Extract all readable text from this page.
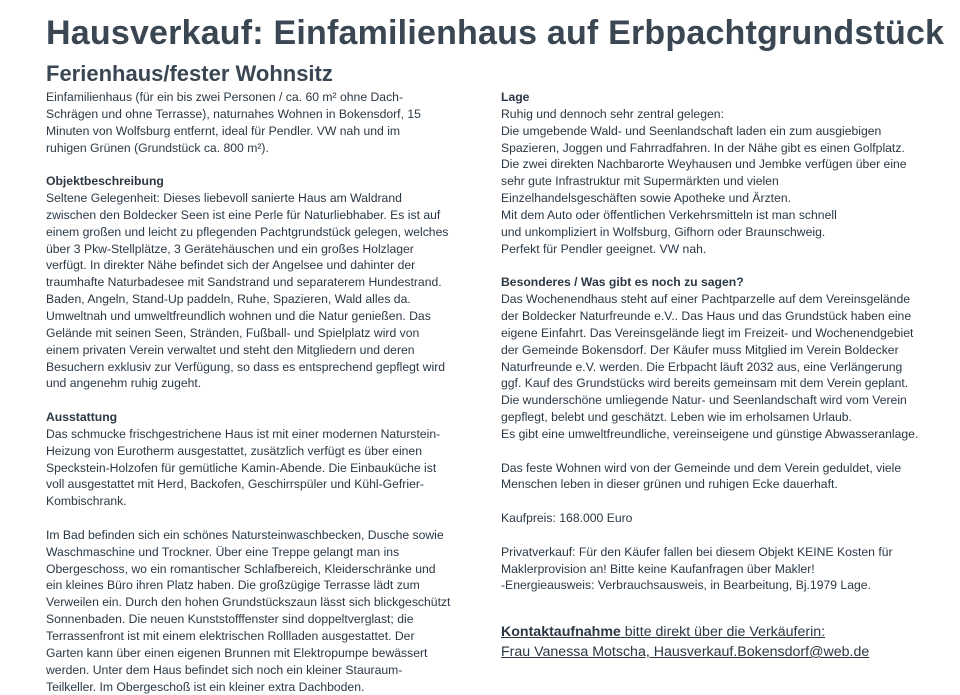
Hausverkauf: Einfamilienhaus auf Erbpachtgrundstück
Ferienhaus/fester Wohnsitz
Einfamilienhaus (für ein bis zwei Personen / ca. 60 m² ohne Dach-
Schrägen und ohne Terrasse), naturnahes Wohnen in Bokensdorf, 15
Minuten von Wolfsburg entfernt, ideal für Pendler. VW nah und im
ruhigen Grünen (Grundstück ca. 800 m²).
Objektbeschreibung
Seltene Gelegenheit: Dieses liebevoll sanierte Haus am Waldrand
zwischen den Boldecker Seen ist eine Perle für Naturliebhaber. Es ist auf
einem großen und leicht zu pflegenden Pachtgrundstück gelegen, welches
über 3 Pkw-Stellplätze, 3 Gerätehäuschen und ein großes Holzlager
verfügt. In direkter Nähe befindet sich der Angelsee und dahinter der
traumhafte Naturbadesee mit Sandstrand und separaterem Hundestrand.
Baden, Angeln, Stand-Up paddeln, Ruhe, Spazieren, Wald alles da.
Umweltnah und umweltfreundlich wohnen und die Natur genießen. Das
Gelände mit seinen Seen, Stränden, Fußball- und Spielplatz wird von
einem privaten Verein verwaltet und steht den Mitgliedern und deren
Besuchern exklusiv zur Verfügung, so dass es entsprechend gepflegt wird
und angenehm ruhig zugeht.
Ausstattung
Das schmucke frischgestrichene Haus ist mit einer modernen Naturstein-
Heizung von Eurotherm ausgestattet, zusätzlich verfügt es über einen
Speckstein-Holzofen für gemütliche Kamin-Abende. Die Einbauküche ist
voll ausgestattet mit Herd, Backofen, Geschirrspüler und Kühl-Gefrier-
Kombischrank.
Im Bad befinden sich ein schönes Natursteinwaschbecken, Dusche sowie
Waschmaschine und Trockner. Über eine Treppe gelangt man ins
Obergeschoss, wo ein romantischer Schlafbereich, Kleiderschränke und
ein kleines Büro ihren Platz haben. Die großzügige Terrasse lädt zum
Verweilen ein. Durch den hohen Grundstückszaun lässt sich blickgeschützt
Sonnenbaden. Die neuen Kunststofffenster sind doppeltverglast; die
Terrassenfront ist mit einem elektrischen Rollladen ausgestattet. Der
Garten kann über einen eigenen Brunnen mit Elektropumpe bewässert
werden. Unter dem Haus befindet sich noch ein kleiner Stauraum-
Teilkeller. Im Obergeschoß ist ein kleiner extra Dachboden.
Lage
Ruhig und dennoch sehr zentral gelegen:
Die umgebende Wald- und Seenlandschaft laden ein zum ausgiebigen
Spazieren, Joggen und Fahrradfahren. In der Nähe gibt es einen Golfplatz.
Die zwei direkten Nachbarorte Weyhausen und Jembke verfügen über eine
sehr gute Infrastruktur mit Supermärkten und vielen
Einzelhandelsgeschäften sowie Apotheke und Ärzten.
Mit dem Auto oder öffentlichen Verkehrsmitteln ist man schnell
und unkompliziert in Wolfsburg, Gifhorn oder Braunschweig.
Perfekt für Pendler geeignet. VW nah.
Besonderes / Was gibt es noch zu sagen?
Das Wochenendhaus steht auf einer Pachtparzelle auf dem Vereinsgelände
der Boldecker Naturfreunde e.V.. Das Haus und das Grundstück haben eine
eigene Einfahrt. Das Vereinsgelände liegt im Freizeit- und Wochenendgebiet
der Gemeinde Bokensdorf. Der Käufer muss Mitglied im Verein Boldecker
Naturfreunde e.V. werden. Die Erbpacht läuft 2032 aus, eine Verlängerung
ggf. Kauf des Grundstücks wird bereits gemeinsam mit dem Verein geplant.
Die wunderschöne umliegende Natur- und Seenlandschaft wird vom Verein
gepflegt, belebt und geschätzt. Leben wie im erholsamen Urlaub.
Es gibt eine umweltfreundliche, vereinseigene und günstige Abwasseranlage.
Das feste Wohnen wird von der Gemeinde und dem Verein geduldet, viele
Menschen leben in dieser grünen und ruhigen Ecke dauerhaft.
Kaufpreis: 168.000 Euro
Privatverkauf: Für den Käufer fallen bei diesem Objekt KEINE Kosten für
Maklerprovision an! Bitte keine Kaufanfragen über Makler!
-Energieausweis: Verbrauchsausweis, in Bearbeitung, Bj.1979 Lage.
Kontaktaufnahme bitte direkt über die Verkäuferin:
Frau Vanessa Motscha, Hausverkauf.Bokensdorf@web.de
